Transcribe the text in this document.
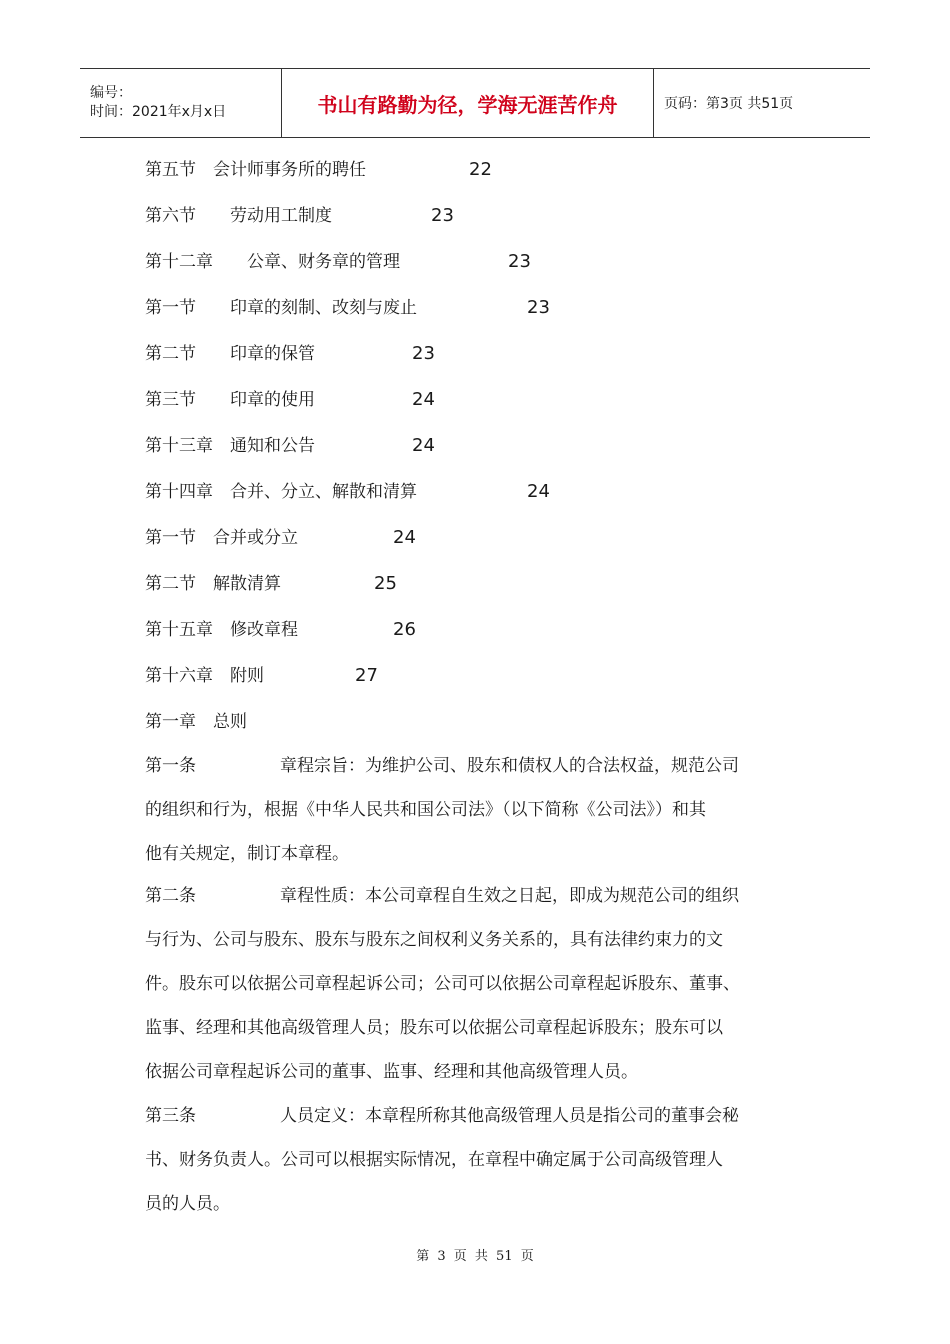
编号：
时间：2021年x月x日	书山有路勤为径，学海无涯苦作舟	页码：第3页 共51页
第五节　会计师事务所的聘任	22
第六节　　劳动用工制度	23
第十二章　　公章、财务章的管理	23
第一节　　印章的刻制、改刻与废止	23
第二节　　印章的保管	23
第三节　　印章的使用	24
第十三章　通知和公告	24
第十四章　合并、分立、解散和清算	24
第一节　合并或分立	24
第二节　解散清算	25
第十五章　修改章程	26
第十六章　附则	27
第一章　总则
第一条	章程宗旨：为维护公司、股东和债权人的合法权益，规范公司
的组织和行为，根据《中华人民共和国公司法》（以下简称《公司法》）和其
他有关规定，制订本章程。
第二条	章程性质：本公司章程自生效之日起，即成为规范公司的组织
与行为、公司与股东、股东与股东之间权利义务关系的，具有法律约束力的文
件。股东可以依据公司章程起诉公司；公司可以依据公司章程起诉股东、董事、
监事、经理和其他高级管理人员；股东可以依据公司章程起诉股东；股东可以
依据公司章程起诉公司的董事、监事、经理和其他高级管理人员。
第三条	人员定义：本章程所称其他高级管理人员是指公司的董事会秘
书、财务负责人。公司可以根据实际情况，在章程中确定属于公司高级管理人
员的人员。
第 3 页 共 51 页
